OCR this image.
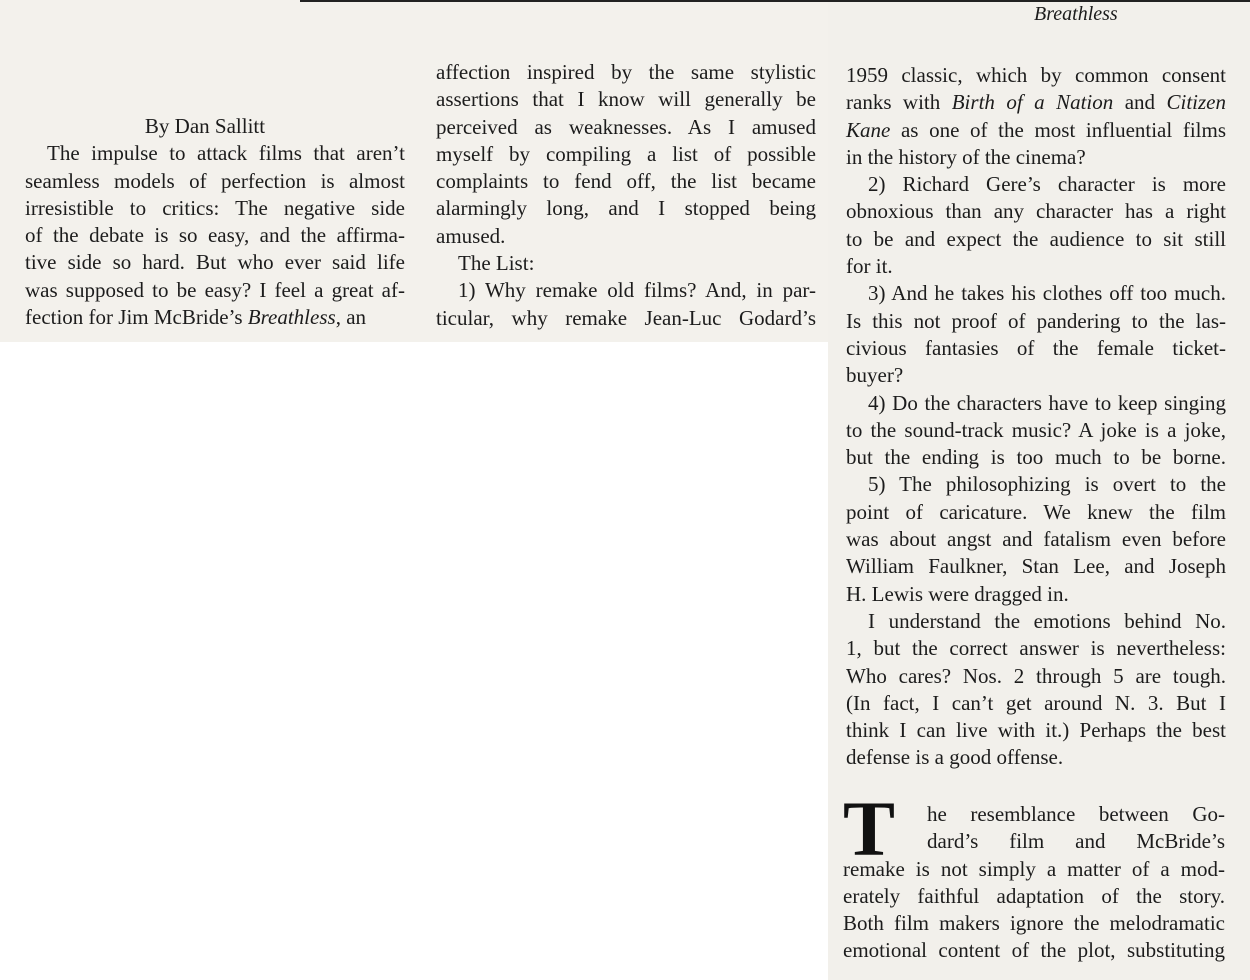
Breathless
By Dan Sallitt
The impulse to attack films that aren’t
seamless models of perfection is almost
irresistible to critics: The negative side
of the debate is so easy, and the affirma-
tive side so hard. But who ever said life
was supposed to be easy? I feel a great af-
fection for Jim McBride’s Breathless, an
affection inspired by the same stylistic
assertions that I know will generally be
perceived as weaknesses. As I amused
myself by compiling a list of possible
complaints to fend off, the list became
alarmingly long, and I stopped being
amused.
The List:
1) Why remake old films? And, in par-
ticular, why remake Jean-Luc Godard’s
1959 classic, which by common consent
ranks with Birth of a Nation and Citizen
Kane as one of the most influential films
in the history of the cinema?
2) Richard Gere’s character is more
obnoxious than any character has a right
to be and expect the audience to sit still
for it.
3) And he takes his clothes off too much.
Is this not proof of pandering to the las-
civious fantasies of the female ticket-
buyer?
4) Do the characters have to keep singing
to the sound-track music? A joke is a joke,
but the ending is too much to be borne.
5) The philosophizing is overt to the
point of caricature. We knew the film
was about angst and fatalism even before
William Faulkner, Stan Lee, and Joseph
H. Lewis were dragged in.
I understand the emotions behind No.
1, but the correct answer is nevertheless:
Who cares? Nos. 2 through 5 are tough.
(In fact, I can’t get around N. 3. But I
think I can live with it.) Perhaps the best
defense is a good offense.
T	he resemblance between Go-
dard’s film and McBride’s
remake is not simply a matter of a mod-
erately faithful adaptation of the story.
Both film makers ignore the melodramatic
emotional content of the plot, substituting
